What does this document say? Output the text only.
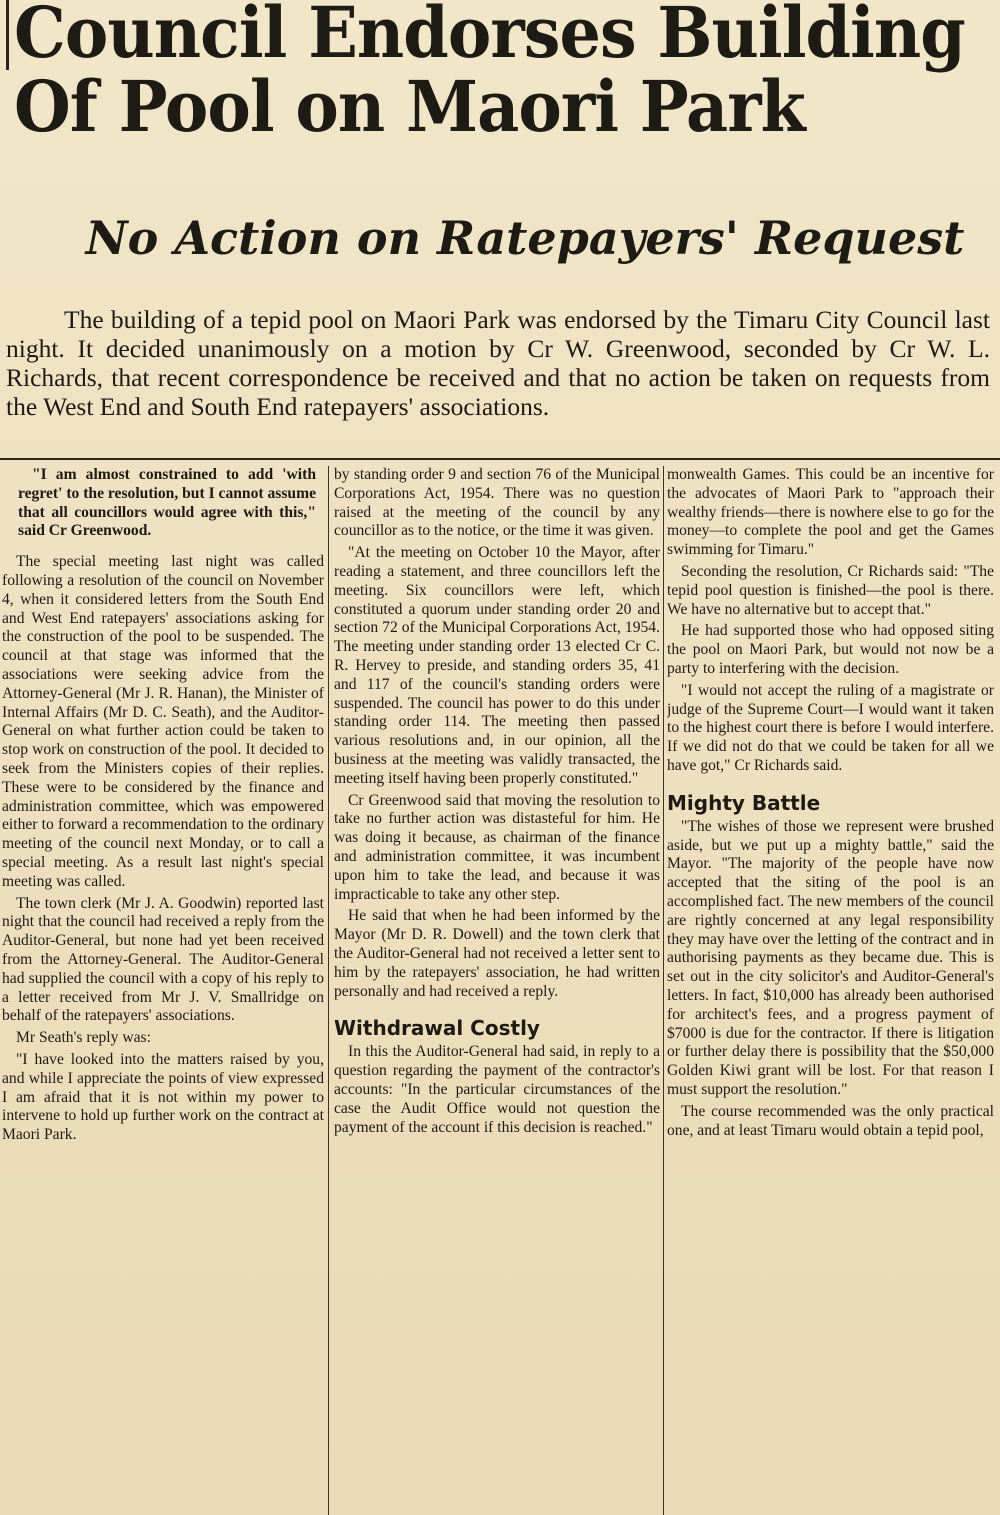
Council Endorses Building
Of Pool on Maori Park
No Action on Ratepayers' Request

The building of a tepid pool on Maori Park was endorsed by the Timaru City Council last night. It decided unanimously on a motion by Cr W. Greenwood, seconded by Cr W. L. Richards, that recent correspondence be received and that no action be taken on requests from the West End and South End ratepayers' associations.

"I am almost constrained to add 'with regret' to the resolution, but I cannot assume that all councillors would agree with this," said Cr Greenwood.

The special meeting last night was called following a resolution of the council on November 4, when it considered letters from the South End and West End ratepayers' associations asking for the construction of the pool to be suspended. The council at that stage was informed that the associations were seeking advice from the Attorney-General (Mr J. R. Hanan), the Minister of Internal Affairs (Mr D. C. Seath), and the Auditor-General on what further action could be taken to stop work on construction of the pool. It decided to seek from the Ministers copies of their replies. These were to be considered by the finance and administration committee, which was empowered either to forward a recommendation to the ordinary meeting of the council next Monday, or to call a special meeting. As a result last night's special meeting was called.

The town clerk (Mr J. A. Goodwin) reported last night that the council had received a reply from the Auditor-General, but none had yet been received from the Attorney-General. The Auditor-General had supplied the council with a copy of his reply to a letter received from Mr J. V. Smallridge on behalf of the ratepayers' associations.

Mr Seath's reply was:

"I have looked into the matters raised by you, and while I appreciate the points of view expressed I am afraid that it is not within my power to intervene to hold up further work on the contract at Maori Park.

by standing order 9 and section 76 of the Municipal Corporations Act, 1954. There was no question raised at the meeting of the council by any councillor as to the notice, or the time it was given.

"At the meeting on October 10 the Mayor, after reading a statement, and three councillors left the meeting. Six councillors were left, which constituted a quorum under standing order 20 and section 72 of the Municipal Corporations Act, 1954. The meeting under standing order 13 elected Cr C. R. Hervey to preside, and standing orders 35, 41 and 117 of the council's standing orders were suspended. The council has power to do this under standing order 114. The meeting then passed various resolutions and, in our opinion, all the business at the meeting was validly transacted, the meeting itself having been properly constituted."

Cr Greenwood said that moving the resolution to take no further action was distasteful for him. He was doing it because, as chairman of the finance and administration committee, it was incumbent upon him to take the lead, and because it was impracticable to take any other step.

He said that when he had been informed by the Mayor (Mr D. R. Dowell) and the town clerk that the Auditor-General had not received a letter sent to him by the ratepayers' association, he had written personally and had received a reply.

Withdrawal Costly

In this the Auditor-General had said, in reply to a question regarding the payment of the contractor's accounts: "In the particular circumstances of the case the Audit Office would not question the payment of the account if this decision is reached."

monwealth Games. This could be an incentive for the advocates of Maori Park to "approach their wealthy friends—there is nowhere else to go for the money—to complete the pool and get the Games swimming for Timaru."

Seconding the resolution, Cr Richards said: "The tepid pool question is finished—the pool is there. We have no alternative but to accept that."

He had supported those who had opposed siting the pool on Maori Park, but would not now be a party to interfering with the decision.

"I would not accept the ruling of a magistrate or judge of the Supreme Court—I would want it taken to the highest court there is before I would interfere. If we did not do that we could be taken for all we have got," Cr Richards said.

Mighty Battle

"The wishes of those we represent were brushed aside, but we put up a mighty battle," said the Mayor. "The majority of the people have now accepted that the siting of the pool is an accomplished fact. The new members of the council are rightly concerned at any legal responsibility they may have over the letting of the contract and in authorising payments as they became due. This is set out in the city solicitor's and Auditor-General's letters. In fact, $10,000 has already been authorised for architect's fees, and a progress payment of $7000 is due for the contractor. If there is litigation or further delay there is possibility that the $50,000 Golden Kiwi grant will be lost. For that reason I must support the resolution."

The course recommended was the only practical one, and at least Timaru would obtain a tepid pool,
